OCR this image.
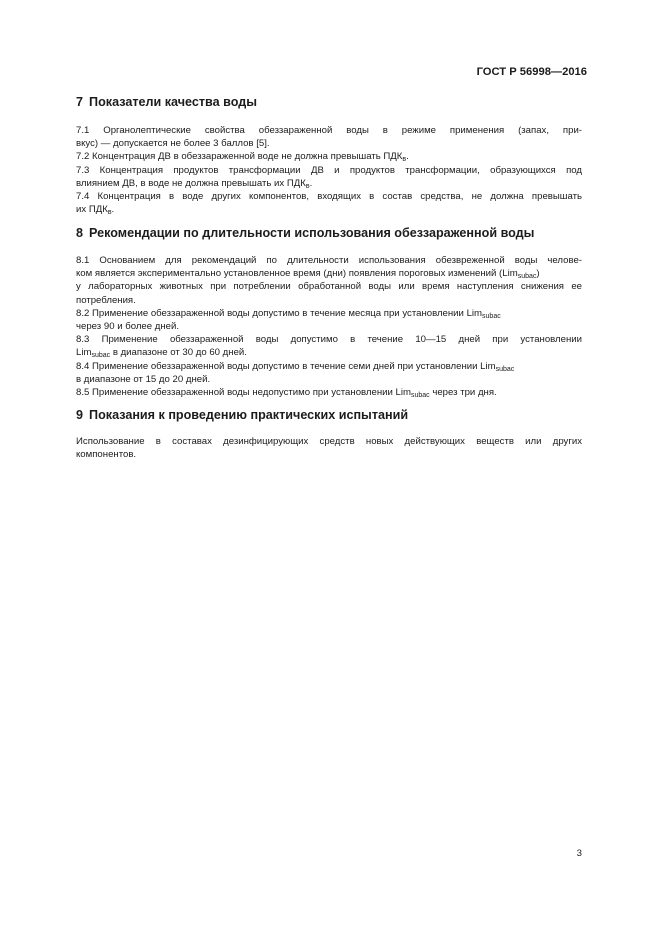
ГОСТ Р 56998—2016
7 Показатели качества воды
7.1 Органолептические свойства обеззараженной воды в режиме применения (запах, при-
вкус) — допускается не более 3 баллов [5].
7.2 Концентрация ДВ в обеззараженной воде не должна превышать $ПДК_в$.
7.3 Концентрация продуктов трансформации ДВ и продуктов трансформации, образующихся под
влиянием ДВ, в воде не должна превышать их $ПДК_в$.
7.4 Концентрация в воде других компонентов, входящих в состав средства, не должна превышать
их $ПДК_в$.
8 Рекомендации по длительности использования обеззараженной воды
8.1 Основанием для рекомендаций по длительности использования обезвреженной воды челове-
ком является экспериментально установленное время (дни) появления пороговых изменений (Lim$_{subac}$)
у лабораторных животных при потреблении обработанной воды или время наступления снижения ее
потребления.
8.2 Применение обеззараженной воды допустимо в течение месяца при установлении Lim$_{subac}$
через 90 и более дней.
8.3 Применение обеззараженной воды допустимо в течение 10—15 дней при установлении
Lim$_{subac}$ в диапазоне от 30 до 60 дней.
8.4 Применение обеззараженной воды допустимо в течение семи дней при установлении Lim$_{subac}$
в диапазоне от 15 до 20 дней.
8.5 Применение обеззараженной воды недопустимо при установлении Lim$_{subac}$ через три дня.
9 Показания к проведению практических испытаний
Использование в составах дезинфицирующих средств новых действующих веществ или других
компонентов.
3
